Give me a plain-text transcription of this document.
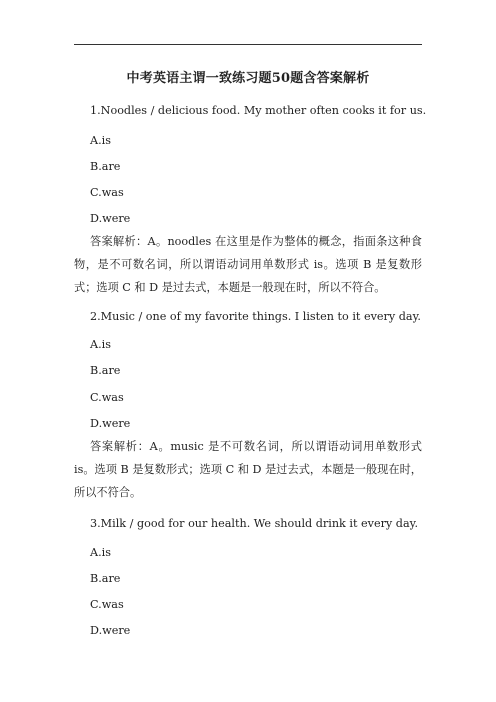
中考英语主谓一致练习题50题含答案解析
1.Noodles / delicious food. My mother often cooks it for us.
A.is
B.are
C.was
D.were

答案解析：A。noodles 在这里是作为整体的概念，指面条这种食物，是不可数名词，所以谓语动词用单数形式 is。选项 B 是复数形式；选项 C 和 D 是过去式，本题是一般现在时，所以不符合。

2.Music / one of my favorite things. I listen to it every day.
A.is
B.are
C.was
D.were

答案解析：A。music 是不可数名词，所以谓语动词用单数形式 is。选项 B 是复数形式；选项 C 和 D 是过去式，本题是一般现在时，所以不符合。

3.Milk / good for our health. We should drink it every day.
A.is
B.are
C.was
D.were
